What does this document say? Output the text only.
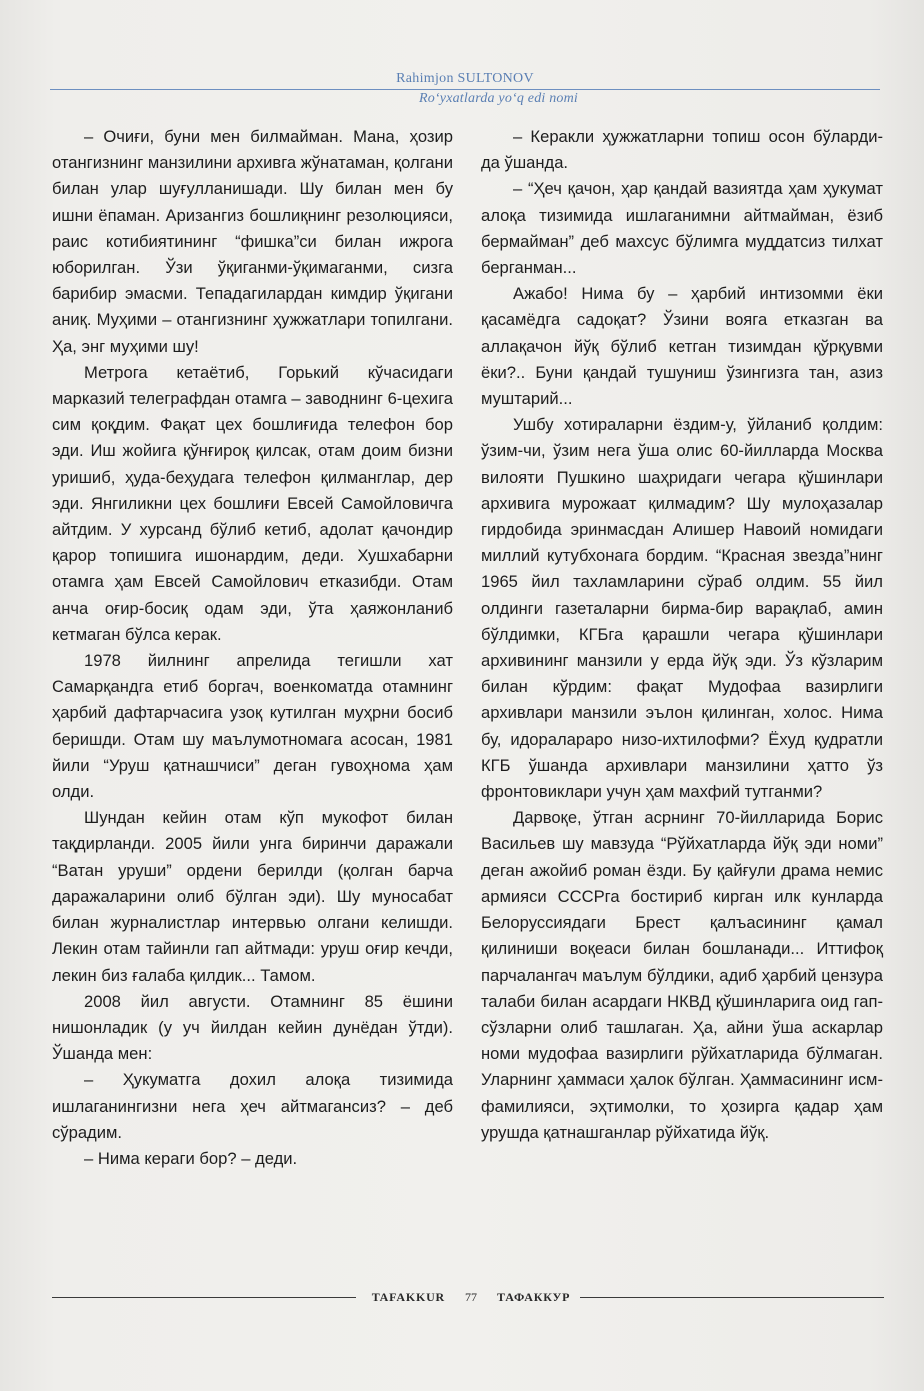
Rahimjon SULTONOV
Ro‘yxatlarda yo‘q edi nomi

– Очиғи, буни мен билмайман. Мана, ҳозир отангизнинг манзилини архивга жўнатаман, қолгани билан улар шуғулланишади. Шу билан мен бу ишни ёпаман. Аризангиз бошлиқнинг резолюцияси, раис котибиятининг “фишка”си билан ижрога юборилган. Ўзи ўқиганми-ўқимаганми, сизга барибир эмасми. Тепадагилардан кимдир ўқигани аниқ. Муҳими – отангизнинг ҳужжатлари топилгани. Ҳа, энг муҳими шу!

Метрога кетаётиб, Горький кўчасидаги марказий телеграфдан отамга – заводнинг 6-цехига сим қоқдим. Фақат цех бошлиғида телефон бор эди. Иш жойига қўнғироқ қилсак, отам доим бизни уришиб, ҳуда-беҳудага телефон қилманглар, дер эди. Янгиликни цех бошлиғи Евсей Самойловичга айтдим. У хурсанд бўлиб кетиб, адолат қачондир қарор топишига ишонардим, деди. Хушхабарни отамга ҳам Евсей Самойлович етказибди. Отам анча оғир-босиқ одам эди, ўта ҳаяжонланиб кетмаган бўлса керак.

1978 йилнинг апрелида тегишли хат Самарқандга етиб боргач, военкоматда отамнинг ҳарбий дафтарчасига узоқ кутилган муҳрни босиб беришди. Отам шу маълумотномага асосан, 1981 йили “Уруш қатнашчиси” деган гувоҳнома ҳам олди.

Шундан кейин отам кўп мукофот билан тақдирланди. 2005 йили унга биринчи даражали “Ватан уруши” ордени берилди (қолган барча даражаларини олиб бўлган эди). Шу муносабат билан журналистлар интервью олгани келишди. Лекин отам тайинли гап айтмади: уруш оғир кечди, лекин биз ғалаба қилдик... Тамом.

2008 йил августи. Отамнинг 85 ёшини нишонладик (у уч йилдан кейин дунёдан ўтди). Ўшанда мен:

– Ҳукуматга дохил алоқа тизимида ишлаганингизни нега ҳеч айтмагансиз? – деб сўрадим.

– Нима кераги бор? – деди.

– Керакли ҳужжатларни топиш осон бўларди-да ўшанда.

– “Ҳеч қачон, ҳар қандай вазиятда ҳам ҳукумат алоқа тизимида ишлаганимни айтмайман, ёзиб бермайман” деб махсус бўлимга муддатсиз тилхат берганман...

Ажабо! Нима бу – ҳарбий интизомми ёки қасамёдга садоқат? Ўзини вояга етказган ва аллақачон йўқ бўлиб кетган тизимдан қўрқувми ёки?.. Буни қандай тушуниш ўзингизга тан, азиз муштарий...

Ушбу хотираларни ёздим-у, ўйланиб қолдим: ўзим-чи, ўзим нега ўша олис 60-йилларда Москва вилояти Пушкино шаҳридаги чегара қўшинлари архивига мурожаат қилмадим? Шу мулоҳазалар гирдобида эринмасдан Алишер Навоий номидаги миллий кутубхонага бордим. “Красная звезда”нинг 1965 йил тахламларини сўраб олдим. 55 йил олдинги газеталарни бирма-бир варақлаб, амин бўлдимки, КГБга қарашли чегара қўшинлари архивининг манзили у ерда йўқ эди. Ўз кўзларим билан кўрдим: фақат Мудофаа вазирлиги архивлари манзили эълон қилинган, холос. Нима бу, идоралараро низо-ихтилофми? Ёхуд қудратли КГБ ўшанда архивлари манзилини ҳатто ўз фронтовиклари учун ҳам махфий тутганми?

Дарвоқе, ўтган асрнинг 70-йилларида Борис Васильев шу мавзуда “Рўйхатларда йўқ эди номи” деган ажойиб роман ёзди. Бу қайғули драма немис армияси СССРга бостириб кирган илк кунларда Белоруссиядаги Брест қалъасининг қамал қилиниши воқеаси билан бошланади... Иттифоқ парчалангач маълум бўлдики, адиб ҳарбий цензура талаби билан асардаги НКВД қўшинларига оид гап-сўзларни олиб ташлаган. Ҳа, айни ўша аскарлар номи мудофаа вазирлиги рўйхатларида бўлмаган. Уларнинг ҳаммаси ҳалок бўлган. Ҳаммасининг исм-фамилияси, эҳтимолки, то ҳозирга қадар ҳам урушда қатнашганлар рўйхатида йўқ.

TAFAKKUR 77 ТАФАККУР
